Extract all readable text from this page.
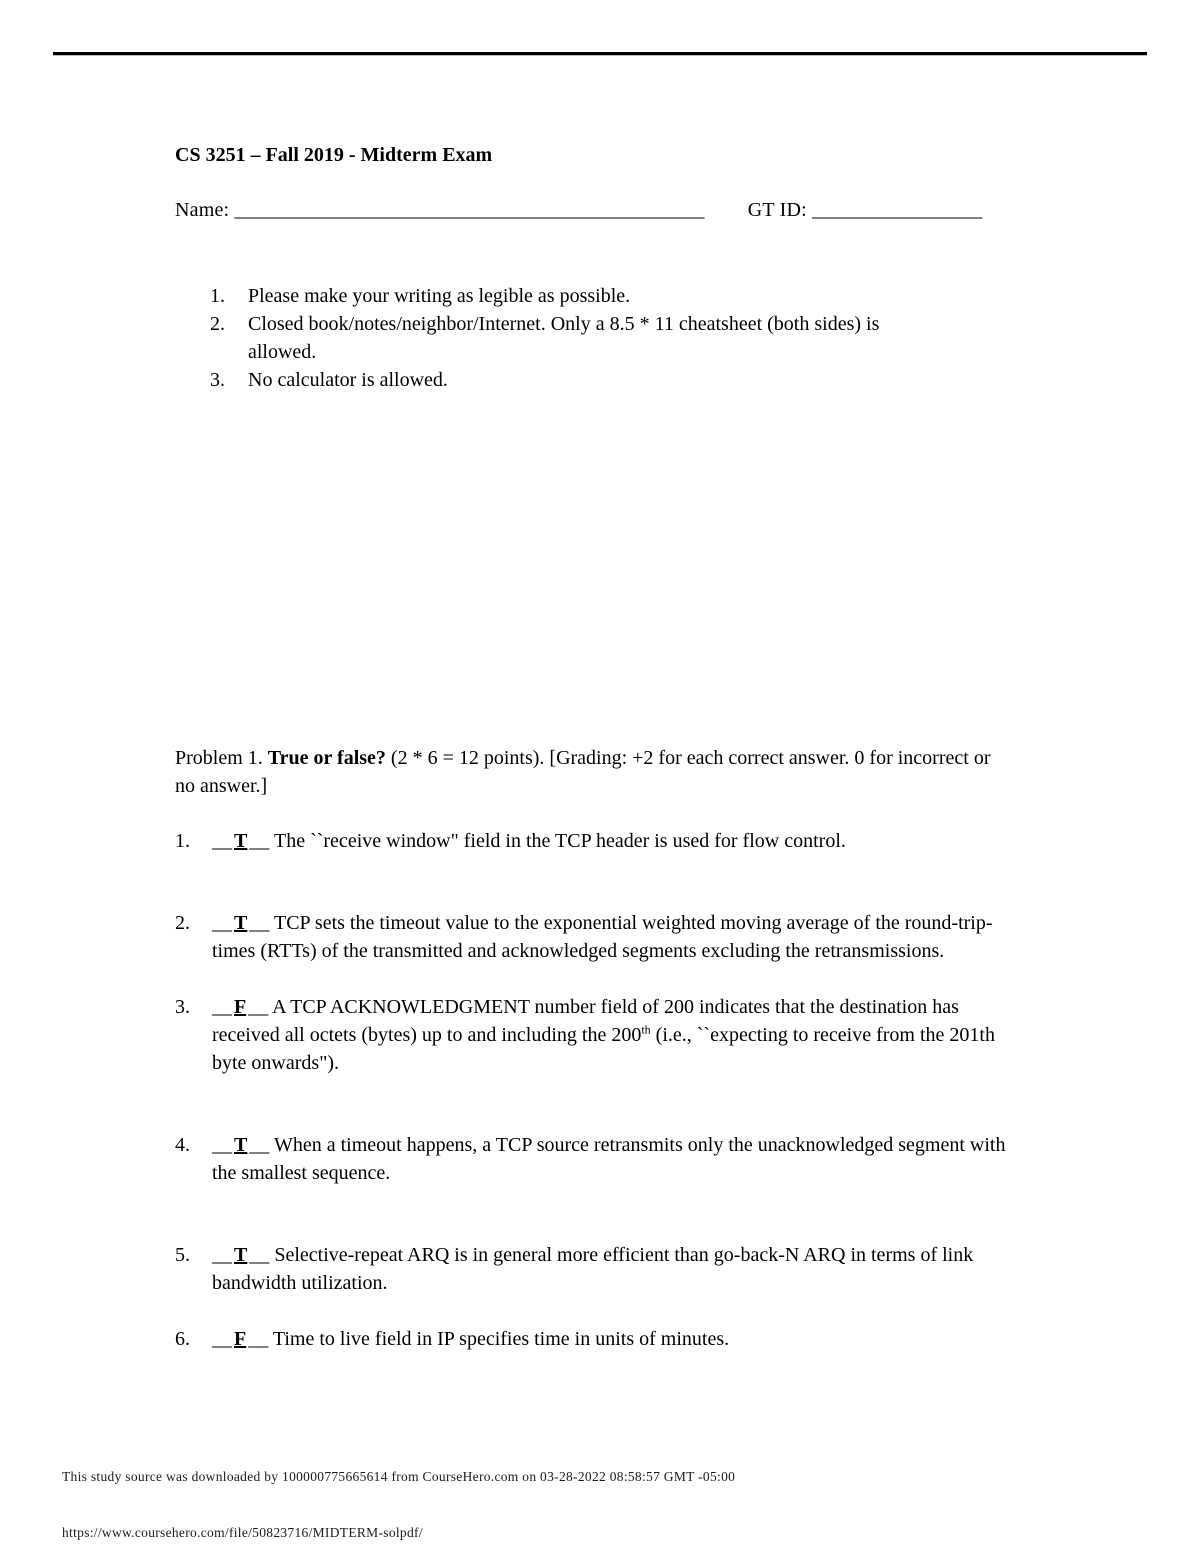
CS 3251 – Fall 2019 - Midterm Exam
Name: _______________________________________________ GT ID: _________________
1.	Please make your writing as legible as possible.
2.	Closed book/notes/neighbor/Internet. Only a 8.5 * 11 cheatsheet (both sides) is allowed.
3.	No calculator is allowed.
Problem 1. True or false? (2 * 6 = 12 points). [Grading: +2 for each correct answer. 0 for incorrect or no answer.]
1.	__ T __ The ``receive window" field in the TCP header is used for flow control.
2.	__ T __ TCP sets the timeout value to the exponential weighted moving average of the round-trip-times (RTTs) of the transmitted and acknowledged segments excluding the retransmissions.
3.	__ F __ A TCP ACKNOWLEDGMENT number field of 200 indicates that the destination has received all octets (bytes) up to and including the 200th (i.e., ``expecting to receive from the 201th byte onwards").
4.	__ T __ When a timeout happens, a TCP source retransmits only the unacknowledged segment with the smallest sequence.
5.	__ T __ Selective-repeat ARQ is in general more efficient than go-back-N ARQ in terms of link bandwidth utilization.
6.	__ F __ Time to live field in IP specifies time in units of minutes.
This study source was downloaded by 100000775665614 from CourseHero.com on 03-28-2022 08:58:57 GMT -05:00
https://www.coursehero.com/file/50823716/MIDTERM-solpdf/
